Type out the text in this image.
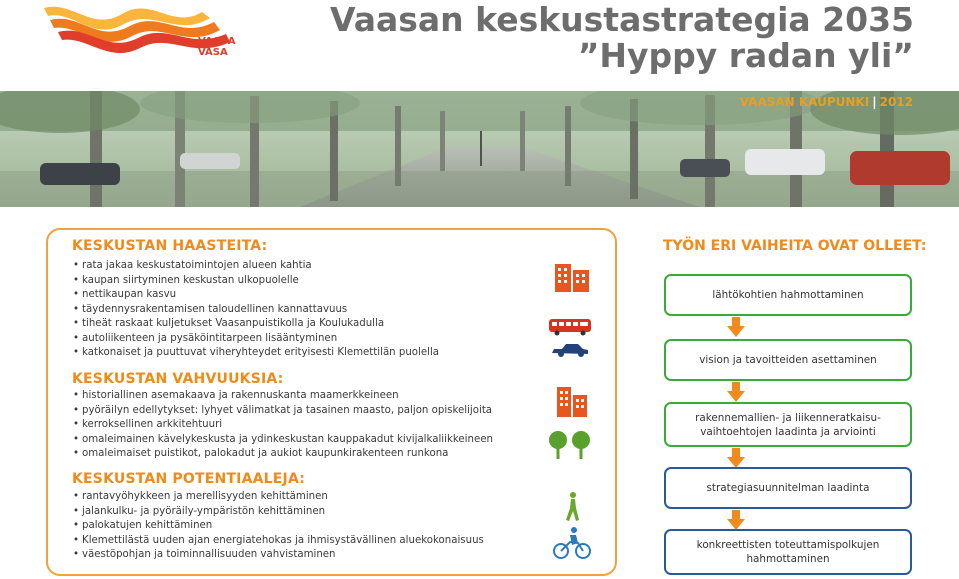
VAASA
VASA
Vaasan keskustastrategia 2035
”Hyppy radan yli”
VAASAN KAUPUNKI | 2012
KESKUSTAN HAASTEITA:
• rata jakaa keskustatoimintojen alueen kahtia
• kaupan siirtyminen keskustan ulkopuolelle
• nettikaupan kasvu
• täydennysrakentamisen taloudellinen kannattavuus
• tiheät raskaat kuljetukset Vaasanpuistikolla ja Koulukadulla
• autoliikenteen ja pysäköintitarpeen lisääntyminen
• katkonaiset ja puuttuvat viheryhteydet erityisesti Klemettilän puolella
KESKUSTAN VAHVUUKSIA:
• historiallinen asemakaava ja rakennuskanta maamerkkeineen
• pyöräilyn edellytykset: lyhyet välimatkat ja tasainen maasto, paljon opiskelijoita
• kerroksellinen arkkitehtuuri
• omaleimainen kävelykeskusta ja ydinkeskustan kauppakadut kivijalkaliikkeineen
• omaleimaiset puistikot, palokadut ja aukiot kaupunkirakenteen runkona
KESKUSTAN POTENTIAALEJA:
• rantavyöhykkeen ja merellisyyden kehittäminen
• jalankulku- ja pyöräily-ympäristön kehittäminen
• palokatujen kehittäminen
• Klemettilästä uuden ajan energiatehokas ja ihmisystävällinen aluekokonaisuus
• väestöpohjan ja toiminnallisuuden vahvistaminen
TYÖN ERI VAIHEITA OVAT OLLEET:
lähtökohtien hahmottaminen
vision ja tavoitteiden asettaminen
rakennemallien- ja liikenneratkaisu-vaihtoehtojen laadinta ja arviointi
strategiasuunnitelman laadinta
konkreettisten toteuttamispolkujen hahmottaminen
